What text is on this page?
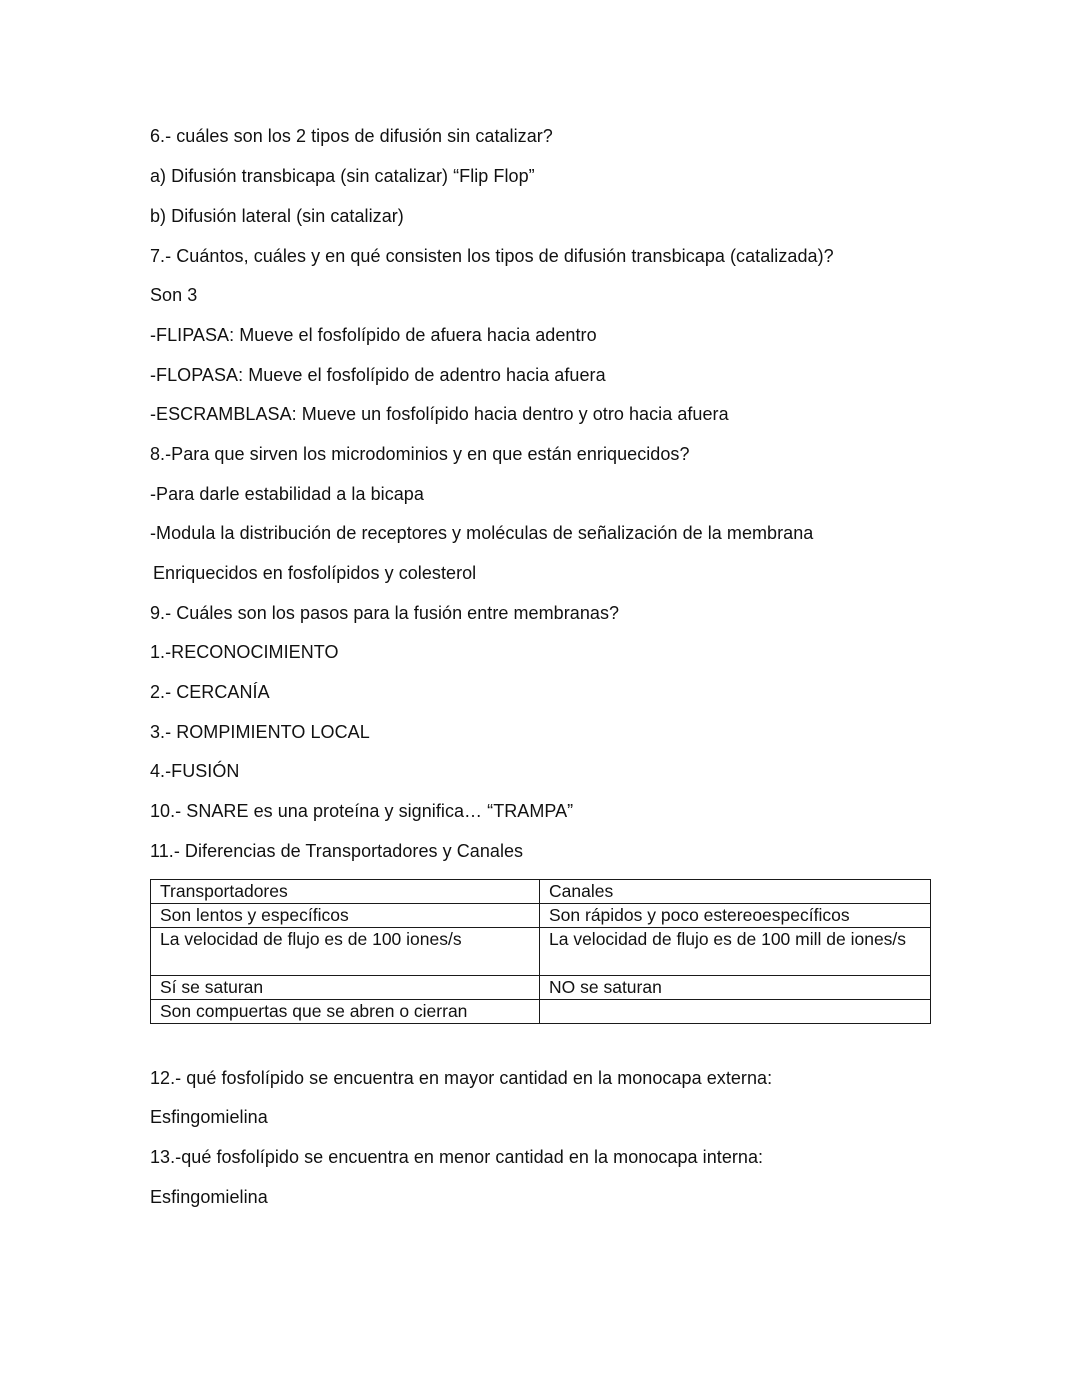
6.- cuáles son los 2 tipos de difusión sin catalizar?
a) Difusión transbicapa (sin catalizar) “Flip Flop”
b) Difusión lateral (sin catalizar)
7.- Cuántos, cuáles y en qué consisten los tipos de difusión transbicapa (catalizada)?
Son 3
-FLIPASA: Mueve el fosfolípido de afuera hacia adentro
-FLOPASA: Mueve el fosfolípido de adentro hacia afuera
-ESCRAMBLASA: Mueve un fosfolípido hacia dentro y otro hacia afuera
8.-Para que sirven los microdominios y en que están enriquecidos?
-Para darle estabilidad a la bicapa
-Modula la distribución de receptores y moléculas de señalización de la membrana
Enriquecidos en fosfolípidos y colesterol
9.- Cuáles son los pasos para la fusión entre membranas?
1.-RECONOCIMIENTO
2.- CERCANÍA
3.- ROMPIMIENTO LOCAL
4.-FUSIÓN
10.- SNARE es una proteína y significa… “TRAMPA”
11.- Diferencias de Transportadores y Canales
Transportadores	Canales
Son lentos y específicos	Son rápidos y poco estereoespecíficos
La velocidad de flujo es de 100 iones/s	La velocidad de flujo es de 100 mill de iones/s
Sí se saturan	NO se saturan
Son compuertas que se abren o cierran	
12.- qué fosfolípido se encuentra en mayor cantidad en la monocapa externa:
Esfingomielina
13.-qué fosfolípido se encuentra en menor cantidad en la monocapa interna:
Esfingomielina
